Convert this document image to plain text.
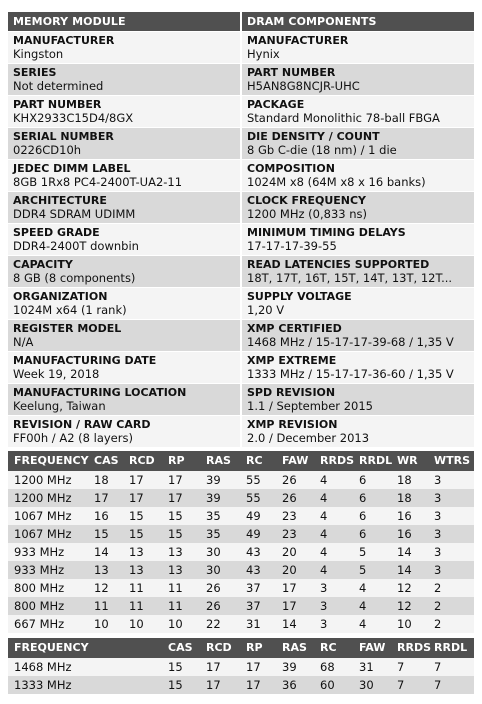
MEMORY MODULE	DRAM COMPONENTS
MANUFACTURER
Kingston
SERIES
Not determined
PART NUMBER
KHX2933C15D4/8GX
SERIAL NUMBER
0226CD10h
JEDEC DIMM LABEL
8GB 1Rx8 PC4-2400T-UA2-11
ARCHITECTURE
DDR4 SDRAM UDIMM
SPEED GRADE
DDR4-2400T downbin
CAPACITY
8 GB (8 components)
ORGANIZATION
1024M x64 (1 rank)
REGISTER MODEL
N/A
MANUFACTURING DATE
Week 19, 2018
MANUFACTURING LOCATION
Keelung, Taiwan
REVISION / RAW CARD
FF00h / A2 (8 layers)
MANUFACTURER
Hynix
PART NUMBER
H5AN8G8NCJR-UHC
PACKAGE
Standard Monolithic 78-ball FBGA
DIE DENSITY / COUNT
8 Gb C-die (18 nm) / 1 die
COMPOSITION
1024M x8 (64M x8 x 16 banks)
CLOCK FREQUENCY
1200 MHz (0,833 ns)
MINIMUM TIMING DELAYS
17-17-17-39-55
READ LATENCIES SUPPORTED
18T, 17T, 16T, 15T, 14T, 13T, 12T...
SUPPLY VOLTAGE
1,20 V
XMP CERTIFIED
1468 MHz / 15-17-17-39-68 / 1,35 V
XMP EXTREME
1333 MHz / 15-17-17-36-60 / 1,35 V
SPD REVISION
1.1 / September 2015
XMP REVISION
2.0 / December 2013
FREQUENCY CAS RCD RP RAS RC FAW RRDS RRDL WR WTRS
1200 MHz 18 17 17 39 55 26 4	6	18 3
1200 MHz 17 17 17 39 55 26 4	6	18 3
1067 MHz 16 15 15 35 49 23 4	6	16 3
1067 MHz 15 15 15 35 49 23 4	6	16 3
933 MHz	14 13 13 30 43 20 4	5	14 3
933 MHz	13 13 13 30 43 20 4	5	14 3
800 MHz	12 11 11 26 37 17 3	4	12 2
800 MHz	11 11 11 26 37 17 3	4	12 2
667 MHz	10 10 10 22 31 14 3	4	10 2
FREQUENCY	CAS RCD RP RAS RC FAW RRDS RRDL
1468 MHz	15 17 17 39 68 31 7	7
1333 MHz	15 17 17 36 60 30 7	7
